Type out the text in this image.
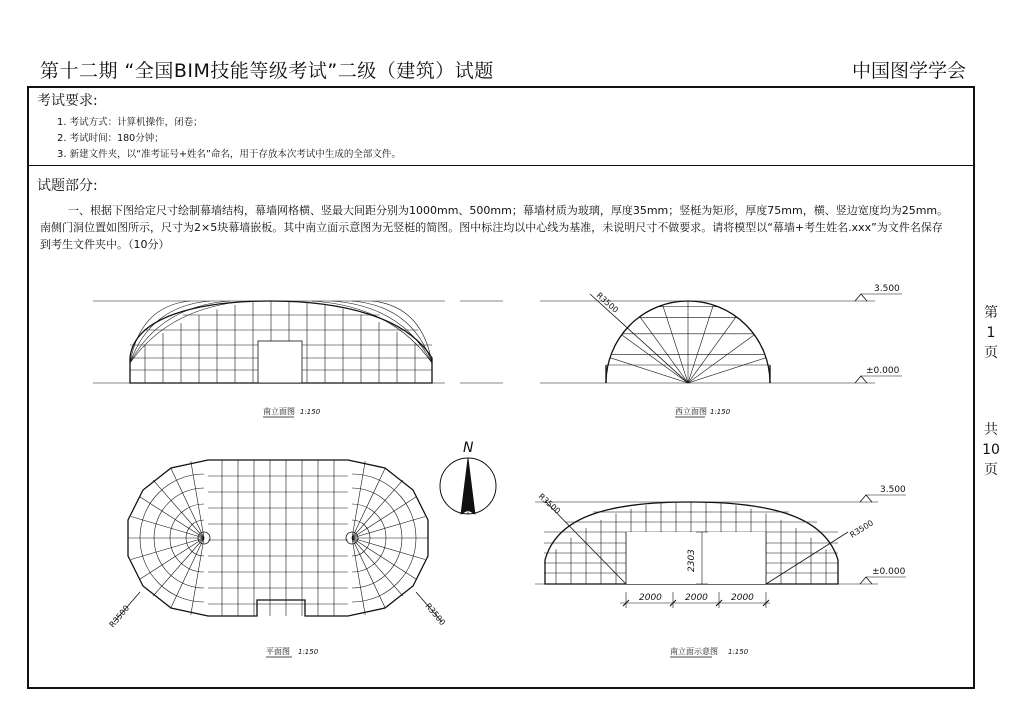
第十二期 “全国BIM技能等级考试”二级（建筑）试题	中国图学学会
考试要求:
1. 考试方式：计算机操作，闭卷；
2. 考试时间：180分钟；
3. 新建文件夹，以“准考证号+姓名”命名，用于存放本次考试中生成的全部文件。
试题部分:
一、根据下图给定尺寸绘制幕墙结构，幕墙网格横、竖最大间距分别为1000mm、500mm；幕墙材质为玻璃，厚度35mm；竖梃为矩形，厚度75mm，横、竖边宽度均为25mm。南侧门洞位置如图所示，尺寸为2×5块幕墙嵌板。其中南立面示意图为无竖梃的简图。图中标注均以中心线为基准，未说明尺寸不做要求。请将模型以“幕墙+考生姓名.xxx”为文件名保存到考生文件夹中。（10分）
第
1
页
共
10
页
南立面图 1:150
R3500
3.500
±0.000
西立面图 1:150
R3500	R3500
平面图 1:150
N
R3500
R3500
2303
2000	2000	2000
3.500
±0.000
南立面示意图 1:150
